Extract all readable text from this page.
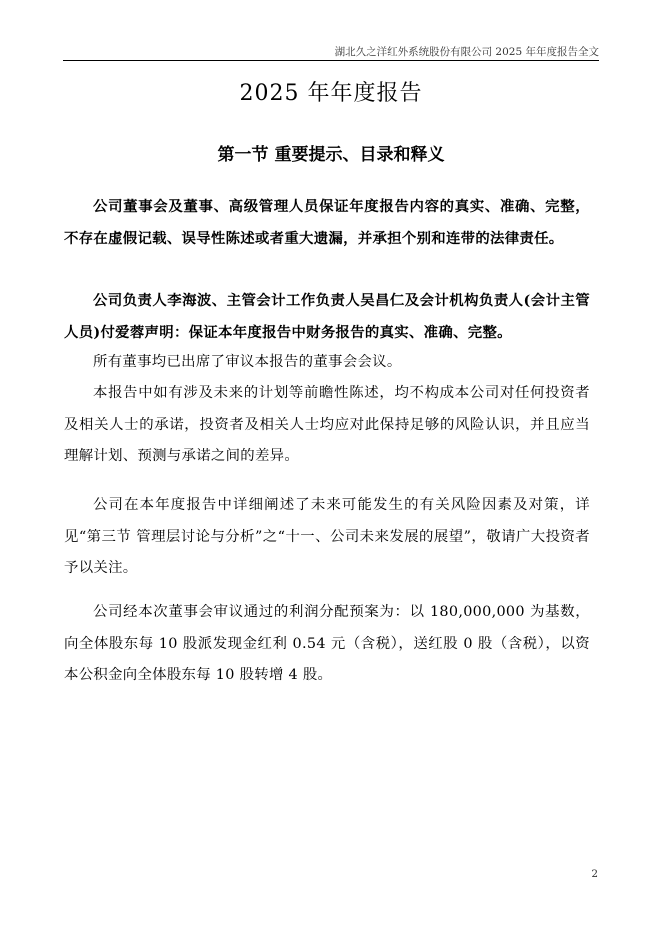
湖北久之洋红外系统股份有限公司 2025 年年度报告全文
2025 年年度报告
第一节 重要提示、目录和释义

公司董事会及董事、高级管理人员保证年度报告内容的真实、准确、完整，不存在虚假记载、误导性陈述或者重大遗漏，并承担个别和连带的法律责任。

公司负责人李海波、主管会计工作负责人吴昌仁及会计机构负责人(会计主管人员)付爱蓉声明：保证本年度报告中财务报告的真实、准确、完整。

所有董事均已出席了审议本报告的董事会会议。

本报告中如有涉及未来的计划等前瞻性陈述，均不构成本公司对任何投资者及相关人士的承诺，投资者及相关人士均应对此保持足够的风险认识，并且应当理解计划、预测与承诺之间的差异。

公司在本年度报告中详细阐述了未来可能发生的有关风险因素及对策，详见“第三节 管理层讨论与分析”之“十一、公司未来发展的展望”，敬请广大投资者予以关注。

公司经本次董事会审议通过的利润分配预案为：以 180,000,000 为基数，向全体股东每 10 股派发现金红利 0.54 元（含税），送红股 0 股（含税），以资本公积金向全体股东每 10 股转增 4 股。

2
